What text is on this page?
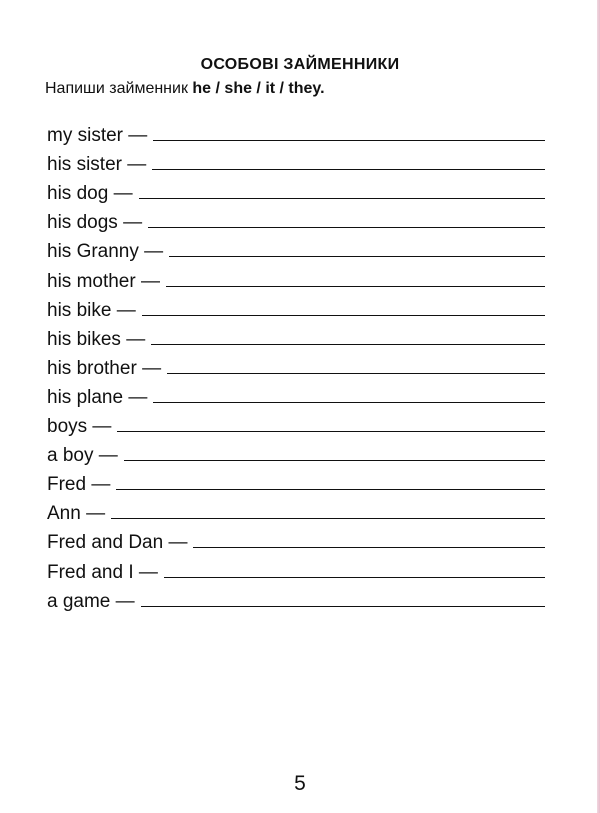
ОСОБОВІ ЗАЙМЕННИКИ
Напиши займенник he / she / it / they.
my sister —
his sister —
his dog —
his dogs —
his Granny —
his mother —
his bike —
his bikes —
his brother —
his plane —
boys —
a boy —
Fred —
Ann —
Fred and Dan —
Fred and I —
a game —
5
